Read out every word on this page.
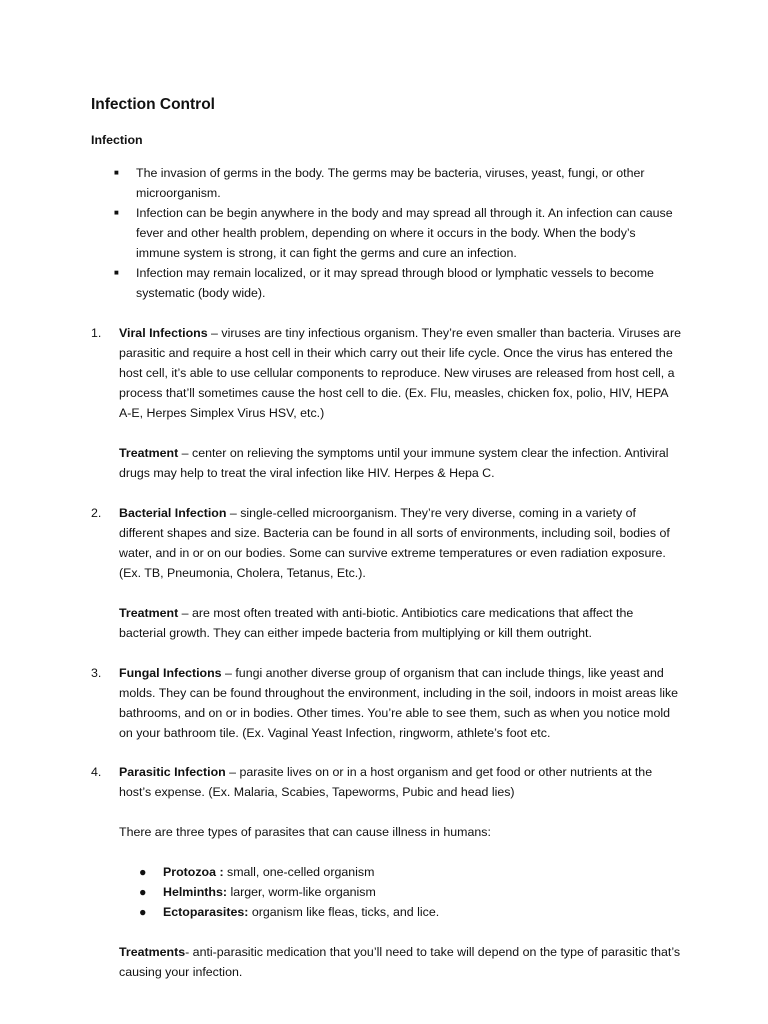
Infection Control
Infection
■ The invasion of germs in the body. The germs may be bacteria, viruses, yeast, fungi, or other microorganism.
■ Infection can be begin anywhere in the body and may spread all through it. An infection can cause fever and other health problem, depending on where it occurs in the body. When the body’s immune system is strong, it can fight the germs and cure an infection.
■ Infection may remain localized, or it may spread through blood or lymphatic vessels to become systematic (body wide).
1. Viral Infections – viruses are tiny infectious organism. They’re even smaller than bacteria. Viruses are parasitic and require a host cell in their which carry out their life cycle. Once the virus has entered the host cell, it’s able to use cellular components to reproduce. New viruses are released from host cell, a process that’ll sometimes cause the host cell to die. (Ex. Flu, measles, chicken fox, polio, HIV, HEPA A-E, Herpes Simplex Virus HSV, etc.)

Treatment – center on relieving the symptoms until your immune system clear the infection. Antiviral drugs may help to treat the viral infection like HIV. Herpes & Hepa C.

2. Bacterial Infection – single-celled microorganism. They’re very diverse, coming in a variety of different shapes and size. Bacteria can be found in all sorts of environments, including soil, bodies of water, and in or on our bodies. Some can survive extreme temperatures or even radiation exposure. (Ex. TB, Pneumonia, Cholera, Tetanus, Etc.).

Treatment – are most often treated with anti-biotic. Antibiotics care medications that affect the bacterial growth. They can either impede bacteria from multiplying or kill them outright.

3. Fungal Infections – fungi another diverse group of organism that can include things, like yeast and molds. They can be found throughout the environment, including in the soil, indoors in moist areas like bathrooms, and on or in bodies. Other times. You’re able to see them, such as when you notice mold on your bathroom tile. (Ex. Vaginal Yeast Infection, ringworm, athlete’s foot etc.

4. Parasitic Infection – parasite lives on or in a host organism and get food or other nutrients at the host’s expense. (Ex. Malaria, Scabies, Tapeworms, Pubic and head lies)

There are three types of parasites that can cause illness in humans:

● Protozoa : small, one-celled organism
● Helminths: larger, worm-like organism
● Ectoparasites: organism like fleas, ticks, and lice.

Treatments- anti-parasitic medication that you’ll need to take will depend on the type of parasitic that’s causing your infection.
